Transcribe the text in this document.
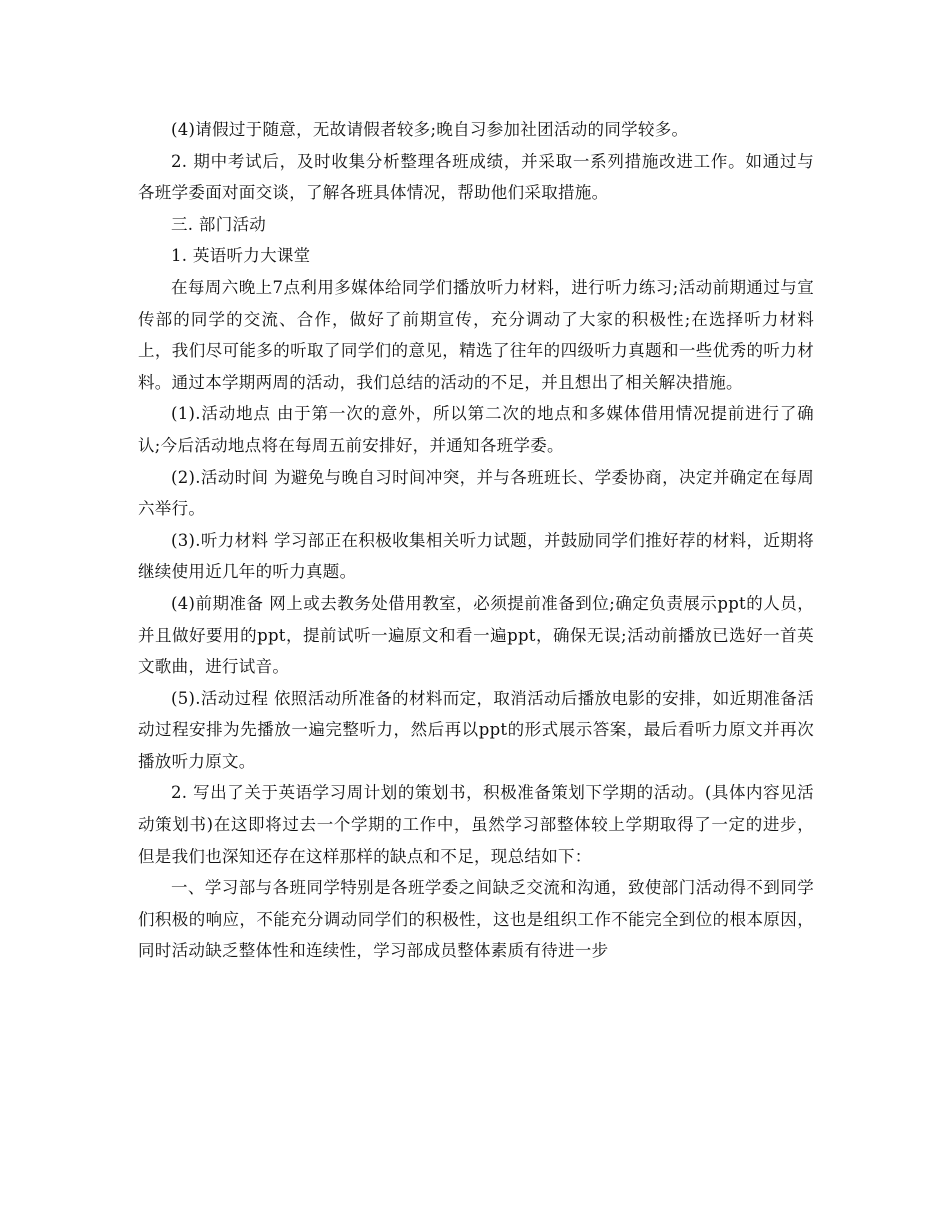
(4)请假过于随意，无故请假者较多;晚自习参加社团活动的同学较多。

2. 期中考试后，及时收集分析整理各班成绩，并采取一系列措施改进工作。如通过与各班学委面对面交谈，了解各班具体情况，帮助他们采取措施。

三. 部门活动

1. 英语听力大课堂

在每周六晚上7点利用多媒体给同学们播放听力材料，进行听力练习;活动前期通过与宣传部的同学的交流、合作，做好了前期宣传，充分调动了大家的积极性;在选择听力材料上，我们尽可能多的听取了同学们的意见，精选了往年的四级听力真题和一些优秀的听力材料。通过本学期两周的活动，我们总结的活动的不足，并且想出了相关解决措施。

(1).活动地点 由于第一次的意外，所以第二次的地点和多媒体借用情况提前进行了确认;今后活动地点将在每周五前安排好，并通知各班学委。

(2).活动时间 为避免与晚自习时间冲突，并与各班班长、学委协商，决定并确定在每周六举行。

(3).听力材料 学习部正在积极收集相关听力试题，并鼓励同学们推好荐的材料，近期将继续使用近几年的听力真题。

(4)前期准备 网上或去教务处借用教室，必须提前准备到位;确定负责展示ppt的人员，并且做好要用的ppt，提前试听一遍原文和看一遍ppt，确保无误;活动前播放已选好一首英文歌曲，进行试音。

(5).活动过程 依照活动所准备的材料而定，取消活动后播放电影的安排，如近期准备活动过程安排为先播放一遍完整听力，然后再以ppt的形式展示答案，最后看听力原文并再次播放听力原文。

2. 写出了关于英语学习周计划的策划书，积极准备策划下学期的活动。(具体内容见活动策划书)在这即将过去一个学期的工作中，虽然学习部整体较上学期取得了一定的进步，但是我们也深知还存在这样那样的缺点和不足，现总结如下：

一、学习部与各班同学特别是各班学委之间缺乏交流和沟通，致使部门活动得不到同学们积极的响应，不能充分调动同学们的积极性，这也是组织工作不能完全到位的根本原因，同时活动缺乏整体性和连续性，学习部成员整体素质有待进一步
